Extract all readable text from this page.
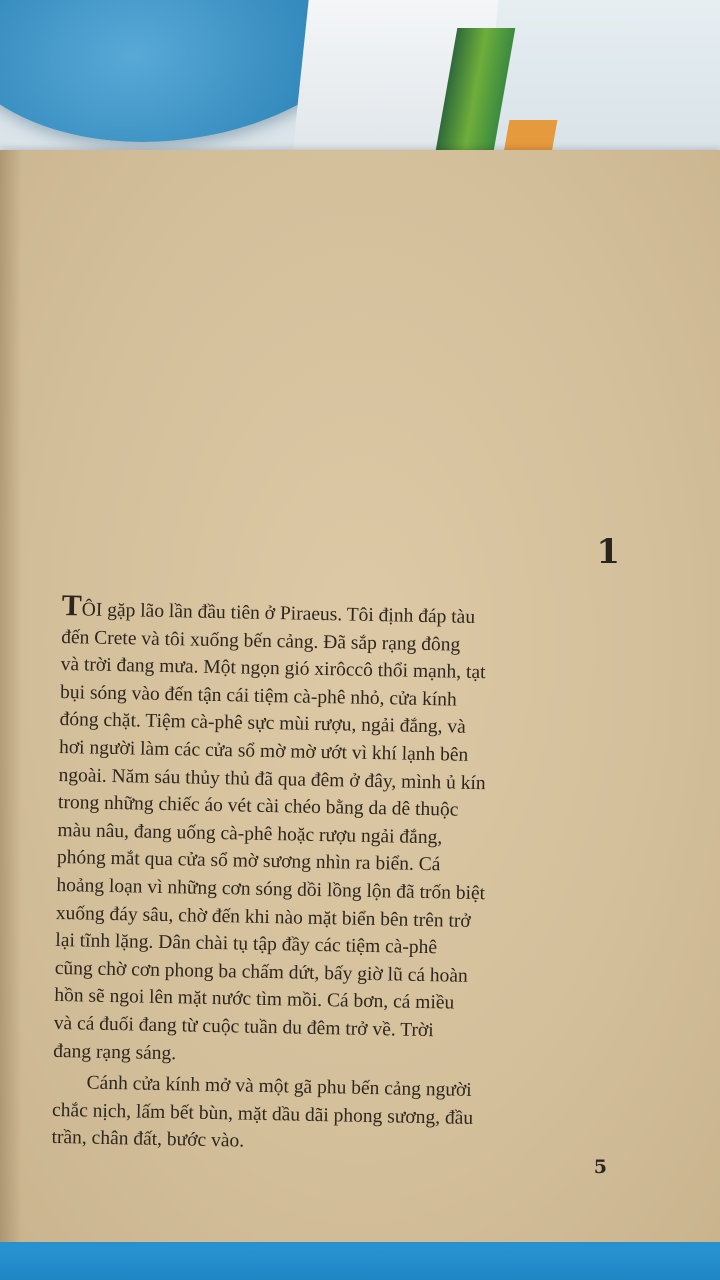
1
TÔI gặp lão lần đầu tiên ở Piraeus. Tôi định đáp tàu
đến Crete và tôi xuống bến cảng. Đã sắp rạng đông
và trời đang mưa. Một ngọn gió xirôccô thổi mạnh, tạt
bụi sóng vào đến tận cái tiệm cà-phê nhỏ, cửa kính
đóng chặt. Tiệm cà-phê sực mùi rượu, ngải đắng, và
hơi người làm các cửa sổ mờ mờ ướt vì khí lạnh bên
ngoài. Năm sáu thủy thủ đã qua đêm ở đây, mình ủ kín
trong những chiếc áo vét cài chéo bằng da dê thuộc
màu nâu, đang uống cà-phê hoặc rượu ngải đắng,
phóng mắt qua cửa sổ mờ sương nhìn ra biển. Cá
hoảng loạn vì những cơn sóng dồi lồng lộn đã trốn biệt
xuống đáy sâu, chờ đến khi nào mặt biển bên trên trở
lại tĩnh lặng. Dân chài tụ tập đầy các tiệm cà-phê
cũng chờ cơn phong ba chấm dứt, bấy giờ lũ cá hoàn
hồn sẽ ngoi lên mặt nước tìm mồi. Cá bơn, cá miều
và cá đuối đang từ cuộc tuần du đêm trở về. Trời
đang rạng sáng.
Cánh cửa kính mở và một gã phu bến cảng người
chắc nịch, lấm bết bùn, mặt dầu dãi phong sương, đầu
trần, chân đất, bước vào.
5
